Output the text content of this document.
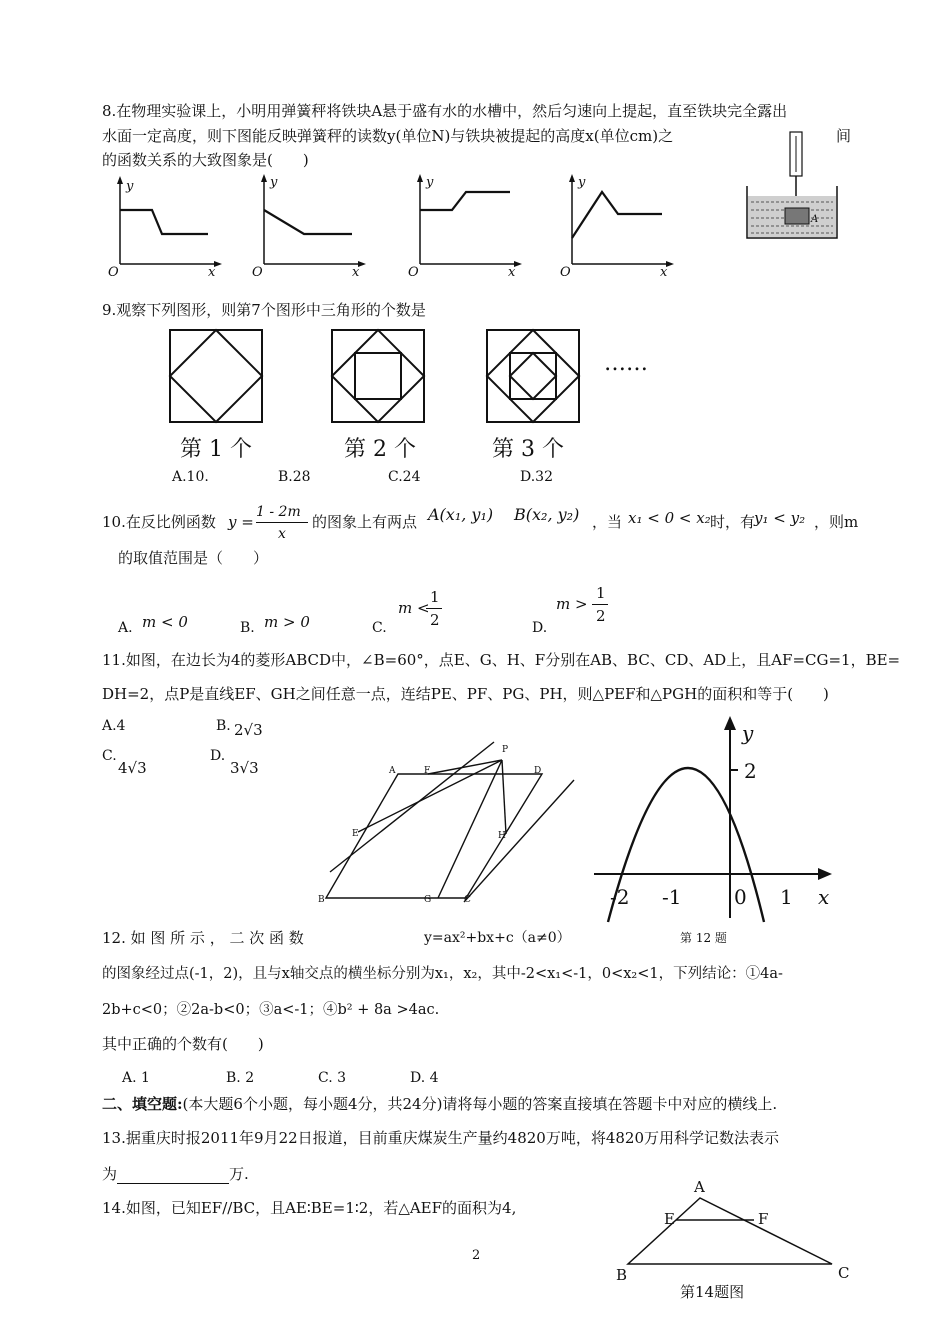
8.在物理实验课上，小明用弹簧秤将铁块A悬于盛有水的水槽中，然后匀速向上提起，直至铁块完全露出
水面一定高度，则下图能反映弹簧秤的读数y(单位N)与铁块被提起的高度x(单位cm)之	间
的函数关系的大致图象是(　　)
y
x
O
y
x
O
y
x
O
y
x
O
A
9.观察下列图形，则第7个图形中三角形的个数是
……
第 1 个	第 2 个	第 3 个
A.10.	B.28	C.24	D.32
10.在反比例函数 y =
1 - 2m
x
的图象上有两点 A(x₁, y₁) B(x₂, y₂) ，当 x₁ < 0 < x₂ 时，有
y₁ < y₂ ，则m
的取值范围是（　　）
A. m < 0	B. m > 0	C.
m <
1
2	D.
m >
1
2
11.如图，在边长为4的菱形ABCD中，∠B=60°，点E、G、H、F分别在AB、BC、CD、AD上，且AF=CG=1，BE=
DH=2，点P是直线EF、GH之间任意一点，连结PE、PF、PG、PH，则△PEF和△PGH的面积和等于(　　)
A.4	B. 2√3
C.
4√3
D.
3√3	A	F	D
P
E	H
B	G	C
y
x
2
-2 -1	0 1
第 12 题
12. 如 图 所 示 ， 二 次 函 数	y=ax²+bx+c（a≠0）
的图象经过点(-1，2)，且与x轴交点的横坐标分别为x₁，x₂，其中-2<x₁<-1，0<x₂<1，下列结论：①4a-
2b+c<0；②2a-b<0；③a<-1；④b² + 8a >4ac.
其中正确的个数有(　　)
A. 1	B. 2	C. 3	D. 4
二、填空题:(本大题6个小题，每小题4分，共24分)请将每小题的答案直接填在答题卡中对应的横线上.
13.据重庆时报2011年9月22日报道，目前重庆煤炭生产量约4820万吨，将4820万用科学记数法表示
为	万.
14.如图，已知EF//BC，且AE∶BE=1∶2，若△AEF的面积为4,
A
E	F
B	C
第14题图
2
